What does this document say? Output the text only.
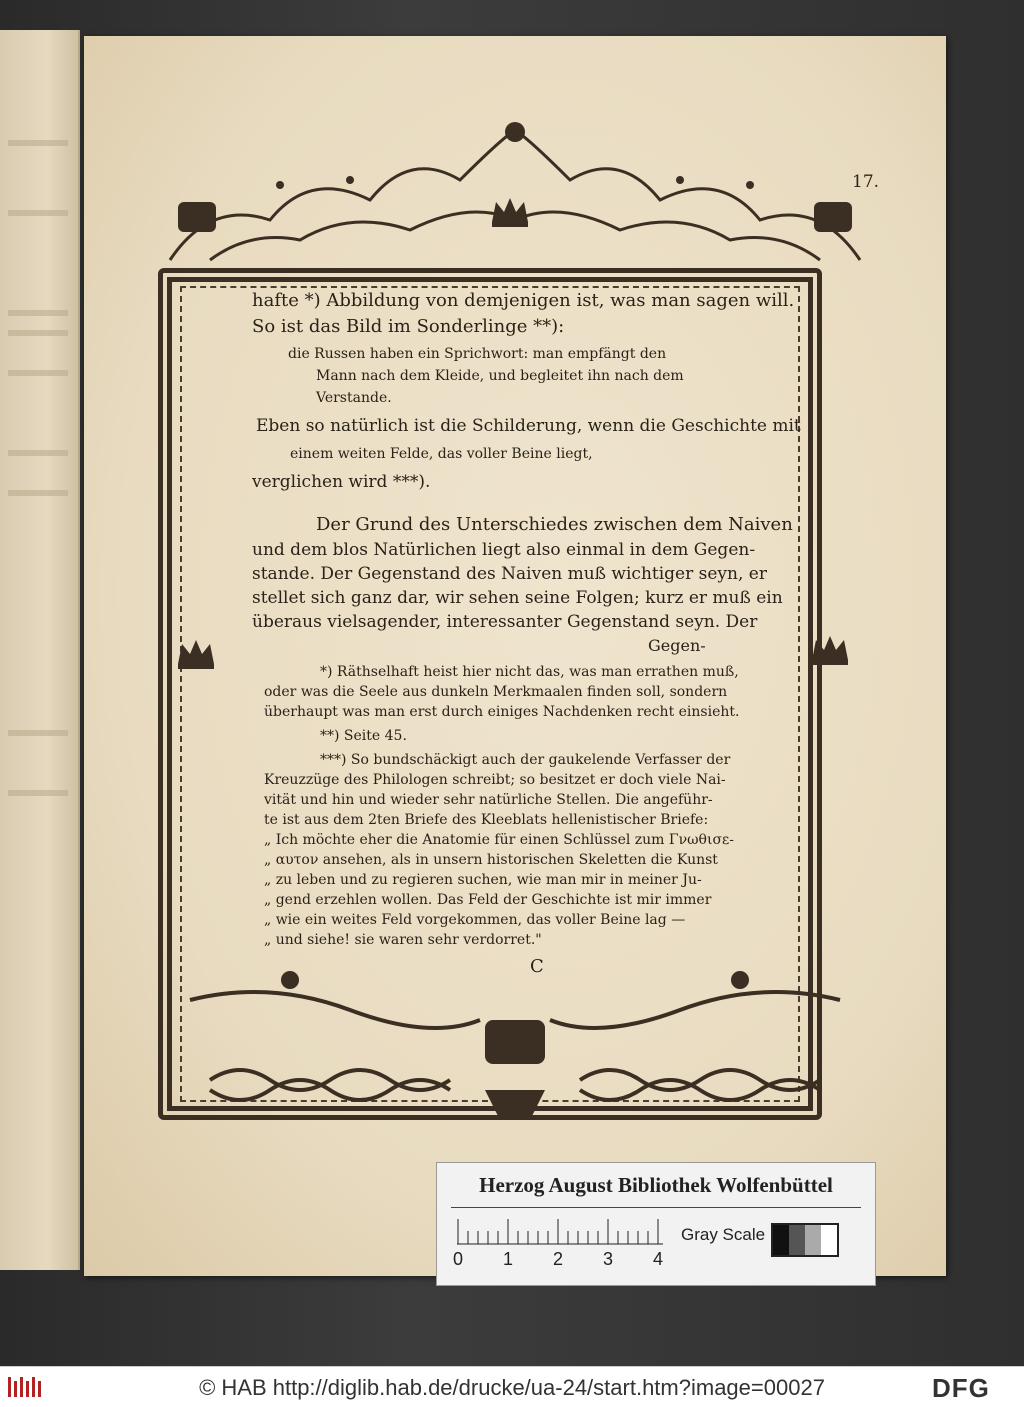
17.
hafte *) Abbildung von demjenigen ist, was man sagen will.
So ist das Bild im Sonderlinge **):
die Russen haben ein Sprichwort: man empfängt den
Mann nach dem Kleide, und begleitet ihn nach dem
Verstande.
Eben so natürlich ist die Schilderung, wenn die Geschichte mit
einem weiten Felde, das voller Beine liegt,
verglichen wird ***).
Der Grund des Unterschiedes zwischen dem Naiven
und dem blos Natürlichen liegt also einmal in dem Gegen-
stande. Der Gegenstand des Naiven muß wichtiger seyn, er
stellet sich ganz dar, wir sehen seine Folgen; kurz er muß ein
überaus vielsagender, interessanter Gegenstand seyn. Der
Gegen-
*) Räthselhaft heist hier nicht das, was man errathen muß,
oder was die Seele aus dunkeln Merkmaalen finden soll, sondern
überhaupt was man erst durch einiges Nachdenken recht einsieht.
**) Seite 45.
***) So bundschäckigt auch der gaukelende Verfasser der
Kreuzzüge des Philologen schreibt; so besitzet er doch viele Nai-
vität und hin und wieder sehr natürliche Stellen. Die angeführ-
te ist aus dem 2ten Briefe des Kleeblats hellenistischer Briefe:
„ Ich möchte eher die Anatomie für einen Schlüssel zum Γνωθισε-
„ αυτον ansehen, als in unsern historischen Skeletten die Kunst
„ zu leben und zu regieren suchen, wie man mir in meiner Ju-
„ gend erzehlen wollen. Das Feld der Geschichte ist mir immer
„ wie ein weites Feld vorgekommen, das voller Beine lag —
„ und siehe! sie waren sehr verdorret."
C
Herzog August Bibliothek Wolfenbüttel
0 1 2 3 4
Gray Scale
© HAB http://diglib.hab.de/drucke/ua-24/start.htm?image=00027	DFG
